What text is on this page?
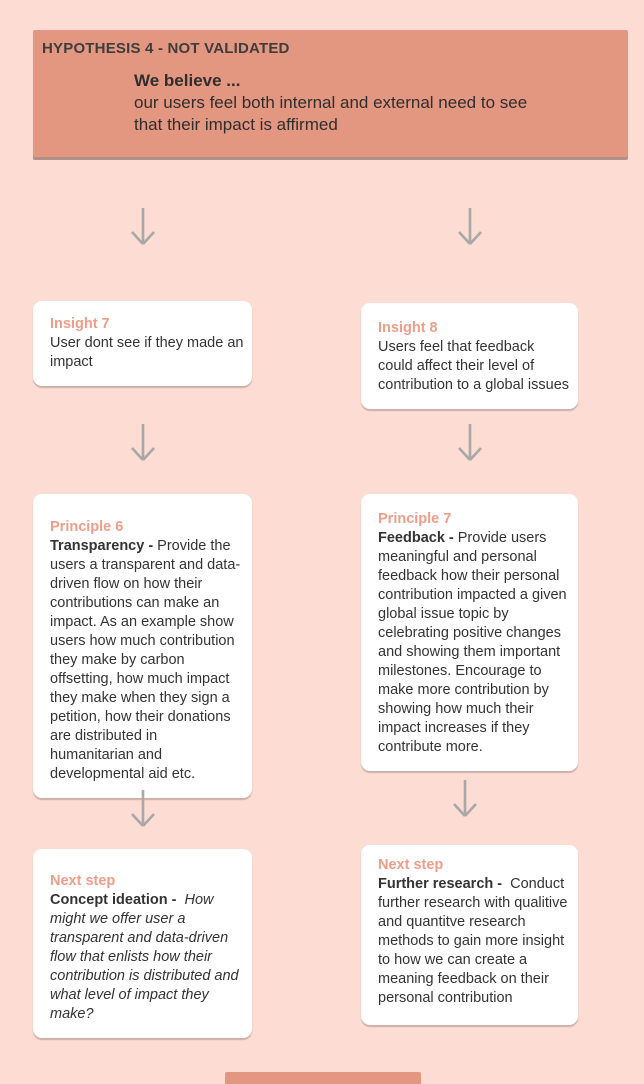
HYPOTHESIS 4 - NOT VALIDATED
We believe ...
our users feel both internal and external need to see that their impact is affirmed
Insight 7
User dont see if they made an impact
Insight 8
Users feel that feedback could affect their level of contribution to a global issues
Principle 6
Transparency - Provide the users a transparent and data-driven flow on how their contributions can make an impact. As an example show users how much contribution they make by carbon offsetting, how much impact they make when they sign a petition, how their donations are distributed in humanitarian and developmental aid etc.
Principle 7
Feedback - Provide users meaningful and personal feedback how their personal contribution impacted a given global issue topic by celebrating positive changes and showing them important milestones. Encourage to make more contribution by showing how much their impact increases if they contribute more.
Next step
Concept ideation - How might we offer user a transparent and data-driven flow that enlists how their contribution is distributed and what level of impact they make?
Next step
Further research - Conduct further research with qualitive and quantitve research methods to gain more insight to how we can create a meaning feedback on their personal contribution
